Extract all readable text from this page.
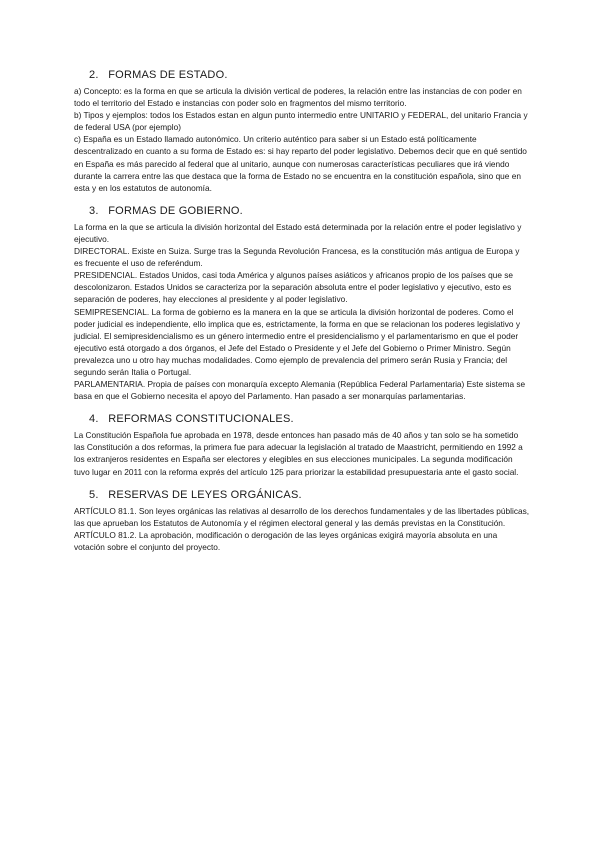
2. FORMAS DE ESTADO.

a) Concepto: es la forma en que se articula la división vertical de poderes, la relación entre las instancias de con poder en todo el territorio del Estado e instancias con poder solo en fragmentos del mismo territorio.

b) Tipos y ejemplos: todos los Estados estan en algun punto intermedio entre UNITARIO y FEDERAL, del unitario Francia y de federal USA (por ejemplo)

c) España es un Estado llamado autonómico. Un criterio auténtico para saber si un Estado está políticamente descentralizado en cuanto a su forma de Estado es: si hay reparto del poder legislativo. Debemos decir que en qué sentido en España es más parecido al federal que al unitario, aunque con numerosas características peculiares que irá viendo durante la carrera entre las que destaca que la forma de Estado no se encuentra en la constitución española, sino que en esta y en los estatutos de autonomía.

3. FORMAS DE GOBIERNO.

La forma en la que se articula la división horizontal del Estado está determinada por la relación entre el poder legislativo y ejecutivo.

DIRECTORAL. Existe en Suiza. Surge tras la Segunda Revolución Francesa, es la constitución más antigua de Europa y es frecuente el uso de referéndum.

PRESIDENCIAL. Estados Unidos, casi toda América y algunos países asiáticos y africanos propio de los países que se descolonizaron. Estados Unidos se caracteriza por la separación absoluta entre el poder legislativo y ejecutivo, esto es separación de poderes, hay elecciones al presidente y al poder legislativo.

SEMIPRESENCIAL. La forma de gobierno es la manera en la que se articula la división horizontal de poderes. Como el poder judicial es independiente, ello implica que es, estrictamente, la forma en que se relacionan los poderes legislativo y judicial. El semipresidencialismo es un género intermedio entre el presidencialismo y el parlamentarismo en que el poder ejecutivo está otorgado a dos órganos, el Jefe del Estado o Presidente y el Jefe del Gobierno o Primer Ministro. Según prevalezca uno u otro hay muchas modalidades. Como ejemplo de prevalencia del primero serán Rusia y Francia; del segundo serán Italia o Portugal.

PARLAMENTARIA. Propia de países con monarquía excepto Alemania (República Federal Parlamentaria) Este sistema se basa en que el Gobierno necesita el apoyo del Parlamento. Han pasado a ser monarquías parlamentarias.

4. REFORMAS CONSTITUCIONALES.

La Constitución Española fue aprobada en 1978, desde entonces han pasado más de 40 años y tan solo se ha sometido las Constitución a dos reformas, la primera fue para adecuar la legislación al tratado de Maastricht, permitiendo en 1992 a los extranjeros residentes en España ser electores y elegibles en sus elecciones municipales. La segunda modificación tuvo lugar en 2011 con la reforma exprés del artículo 125 para priorizar la estabilidad presupuestaria ante el gasto social.

5. RESERVAS DE LEYES ORGÁNICAS.

ARTÍCULO 81.1. Son leyes orgánicas las relativas al desarrollo de los derechos fundamentales y de las libertades públicas, las que aprueban los Estatutos de Autonomía y el régimen electoral general y las demás previstas en la Constitución.

ARTÍCULO 81.2. La aprobación, modificación o derogación de las leyes orgánicas exigirá mayoría absoluta en una votación sobre el conjunto del proyecto.
